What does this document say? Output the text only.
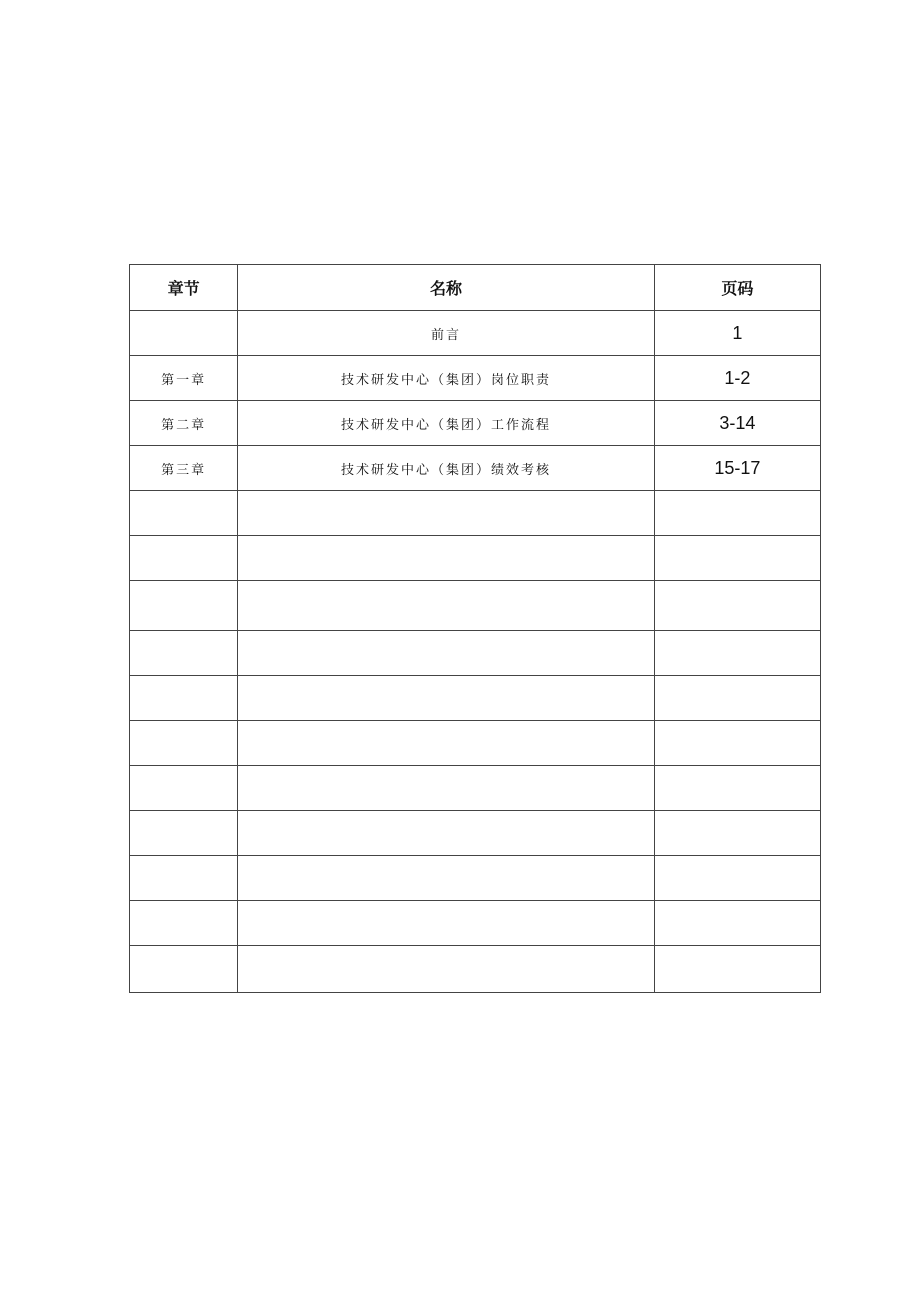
章节	名称	页码
	前言	1
第一章	技术研发中心（集团）岗位职责	1-2
第二章	技术研发中心（集团）工作流程	3-14
第三章	技术研发中心（集团）绩效考核	15-17
